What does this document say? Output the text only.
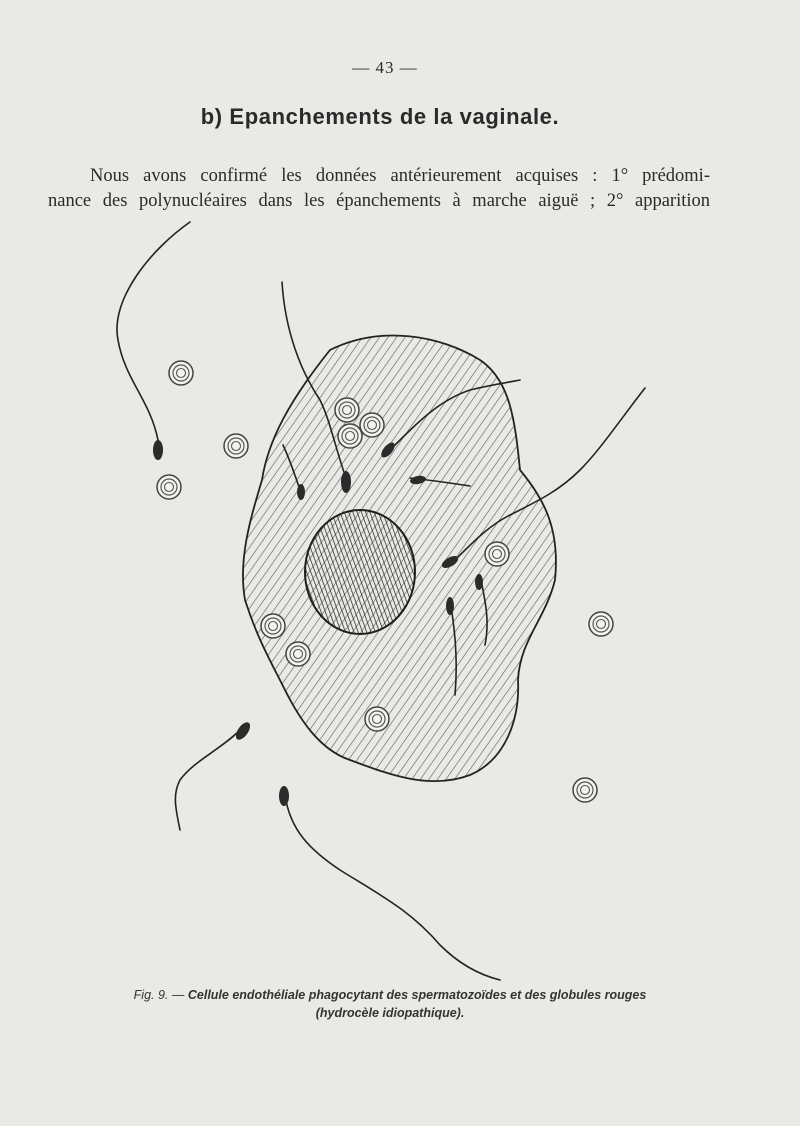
— 43 —
b) Epanchements de la vaginale.
Nous avons confirmé les données antérieurement acquises : 1° prédomi-
nance des polynucléaires dans les épanchements à marche aiguë ; 2° apparition
Fig. 9. — Cellule endothéliale phagocytant des spermatozoïdes et des globules rouges
(hydrocèle idiopathique).
